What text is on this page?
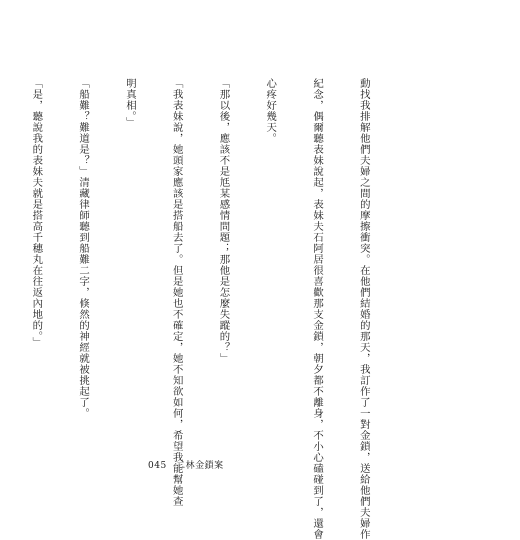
動找我排解他們夫婦之間的摩擦衝突。在他們結婚的那天，我訂作了一對金鎖，送給他們夫婦作

紀念，偶爾聽表妹說起，表妹夫石阿居很喜歡那支金鎖，朝夕都不離身，不小心磕碰到了，還會

心疼好幾天。

「那以後，應該不是尪某感情問題；那他是怎麼失蹤的？」

「我表妹說，她頭家應該是搭船去了。但是她也不確定，她不知欲如何，希望我能幫她查

明真相。」

「船難？難道是？」清藏律師聽到船難二字，倏然的神經就被挑起了。

「是，聽說我的表妹夫就是搭高千穗丸在往返內地的。」

045 二林金鎖案
